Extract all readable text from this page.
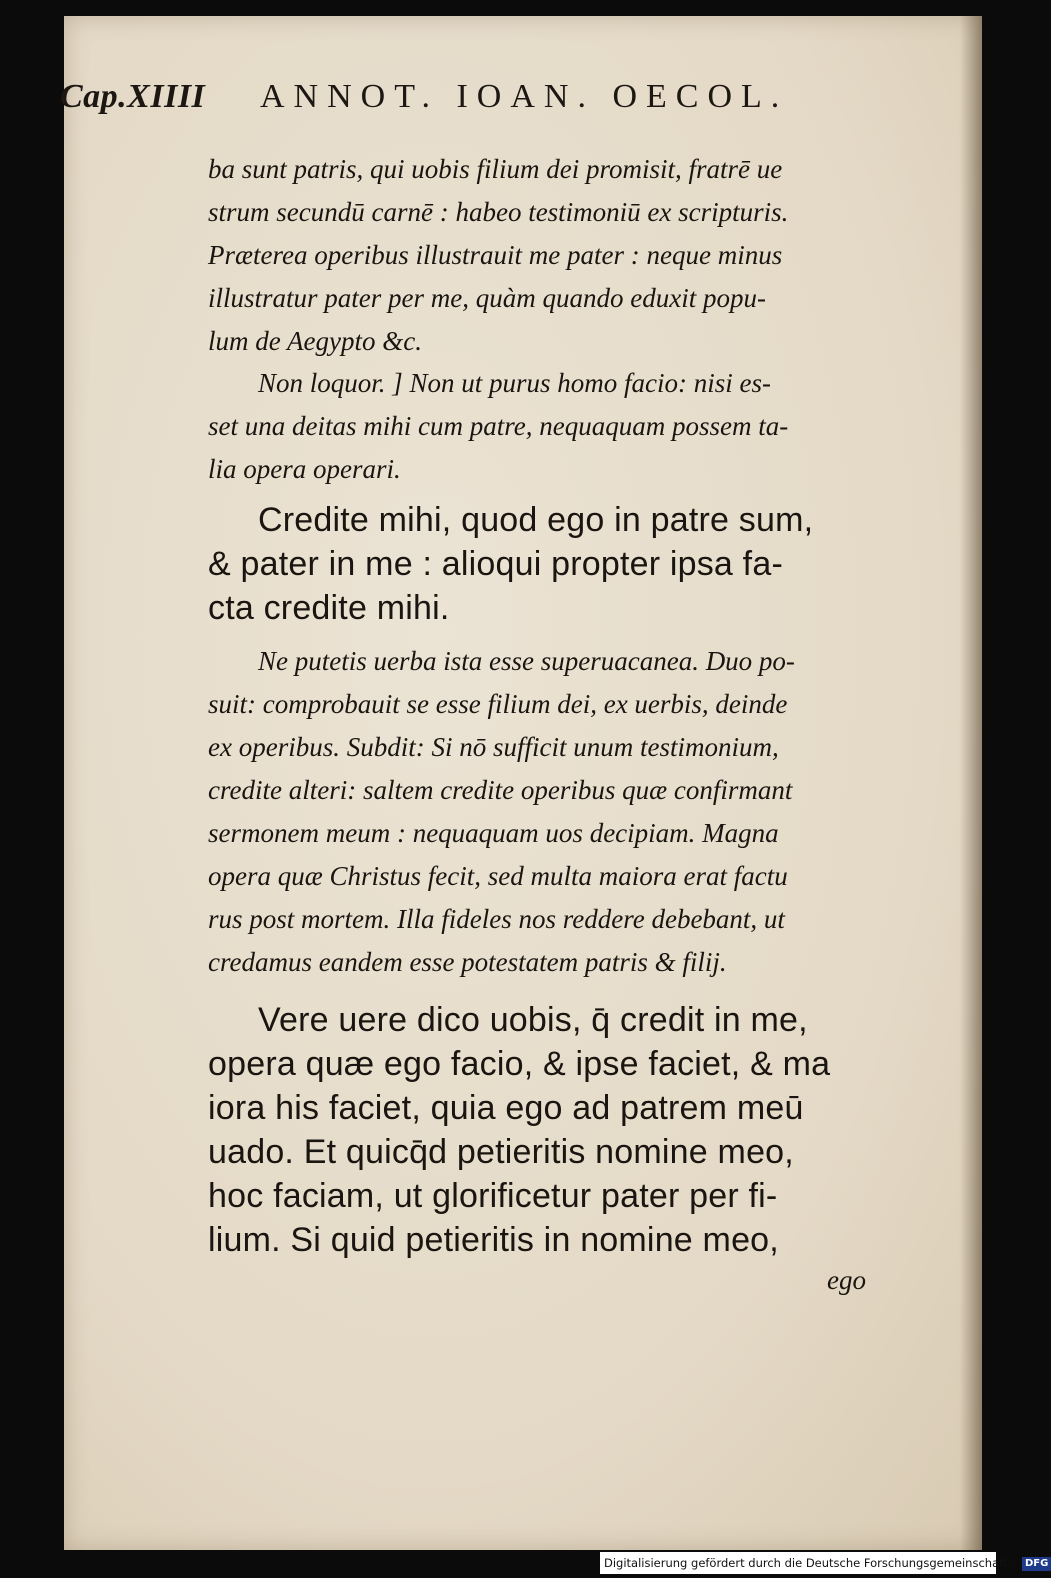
Cap.XIIII ANNOT. IOAN. OECOL.
ba sunt patris, qui uobis filium dei promisit, fratrē ue
strum secundū carnē : habeo testimoniū ex scripturis.
Præterea operibus illustrauit me pater : neque minus
illustratur pater per me, quàm quando eduxit popu-
lum de Aegypto &c.
Non loquor. ] Non ut purus homo facio: nisi es-
set una deitas mihi cum patre, nequaquam possem ta-
lia opera operari.
Credite mihi, quod ego in patre sum,
& pater in me : alioqui propter ipsa fa-
cta credite mihi.
Ne putetis uerba ista esse superuacanea. Duo po-
suit: comprobauit se esse filium dei, ex uerbis, deinde
ex operibus. Subdit: Si nō sufficit unum testimonium,
credite alteri: saltem credite operibus quæ confirmant
sermonem meum : nequaquam uos decipiam. Magna
opera quæ Christus fecit, sed multa maiora erat factu
rus post mortem. Illa fideles nos reddere debebant, ut
credamus eandem esse potestatem patris & filij.
Vere uere dico uobis, q̄ credit in me,
opera quæ ego facio, & ipse faciet, & ma
iora his faciet, quia ego ad patrem meū
uado. Et quicq̄d petieritis nomine meo,
hoc faciam, ut glorificetur pater per fi-
lium. Si quid petieritis in nomine meo,
ego
Digitalisierung gefördert durch die Deutsche Forschungsgemeinschaft - DFG
